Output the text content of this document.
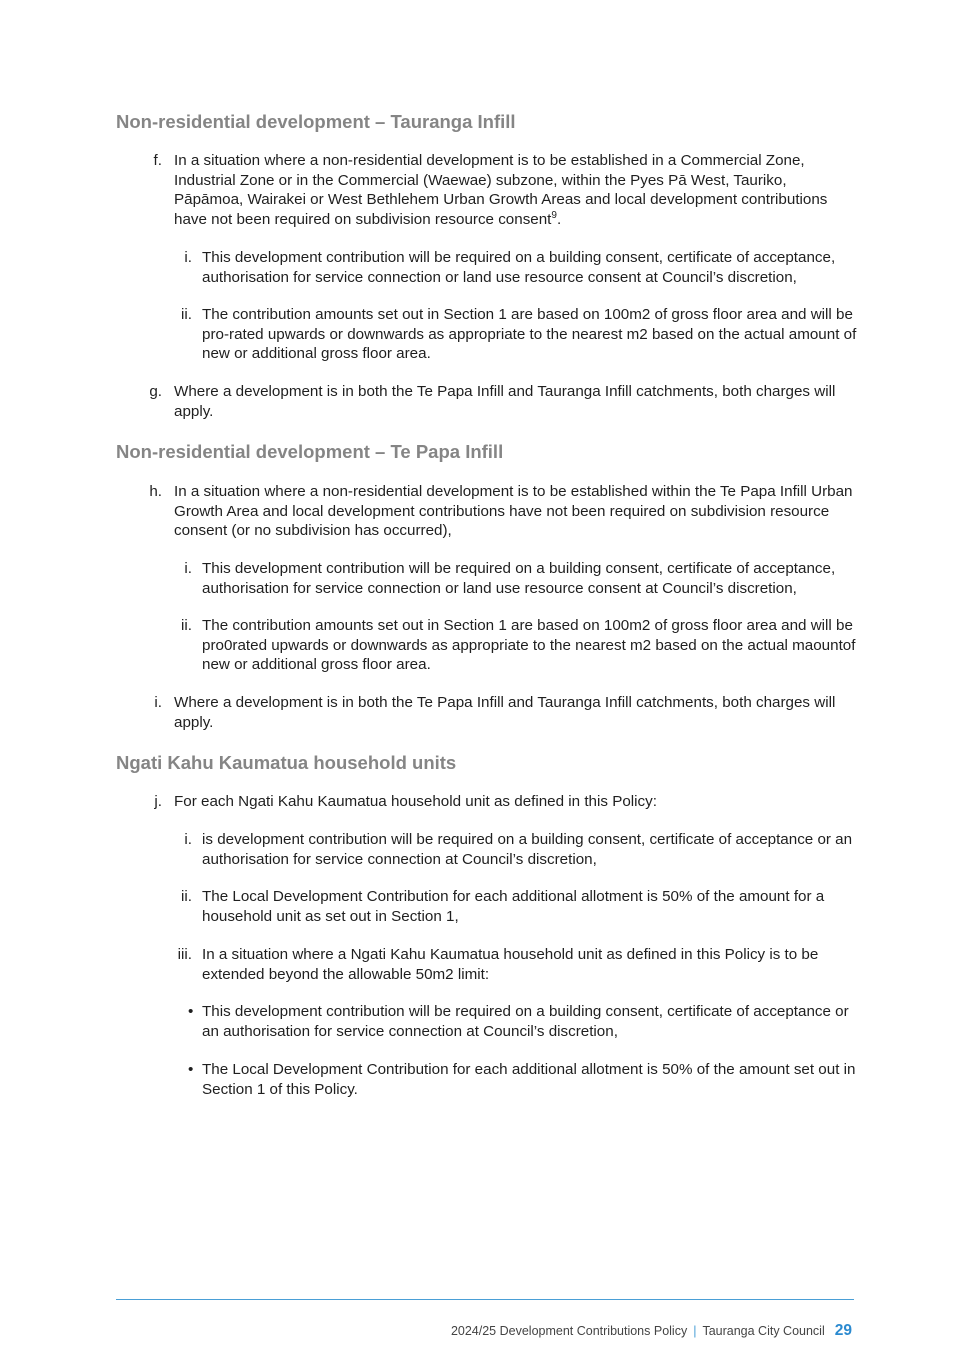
Non-residential development – Tauranga Infill
f. In a situation where a non-residential development is to be established in a Commercial Zone, Industrial Zone or in the Commercial (Waewae) subzone, within the Pyes Pā West, Tauriko, Pāpāmoa, Wairakei or West Bethlehem Urban Growth Areas and local development contributions have not been required on subdivision resource consent$^9$.
i. This development contribution will be required on a building consent, certificate of acceptance, authorisation for service connection or land use resource consent at Council’s discretion,
ii. The contribution amounts set out in Section 1 are based on 100m2 of gross floor area and will be pro-rated upwards or downwards as appropriate to the nearest m2 based on the actual amount of new or additional gross floor area.
g. Where a development is in both the Te Papa Infill and Tauranga Infill catchments, both charges will apply.
Non-residential development – Te Papa Infill
h. In a situation where a non-residential development is to be established within the Te Papa Infill Urban Growth Area and local development contributions have not been required on subdivision resource consent (or no subdivision has occurred),
i. This development contribution will be required on a building consent, certificate of acceptance, authorisation for service connection or land use resource consent at Council’s discretion,
ii. The contribution amounts set out in Section 1 are based on 100m2 of gross floor area and will be pro0rated upwards or downwards as appropriate to the nearest m2 based on the actual maountof new or additional gross floor area.
i. Where a development is in both the Te Papa Infill and Tauranga Infill catchments, both charges will apply.
Ngati Kahu Kaumatua household units
j. For each Ngati Kahu Kaumatua household unit as defined in this Policy:
i. is development contribution will be required on a building consent, certificate of acceptance or an authorisation for service connection at Council’s discretion,
ii. The Local Development Contribution for each additional allotment is 50% of the amount for a household unit as set out in Section 1,
iii. In a situation where a Ngati Kahu Kaumatua household unit as defined in this Policy is to be extended beyond the allowable 50m2 limit:
• This development contribution will be required on a building consent, certificate of acceptance or an authorisation for service connection at Council’s discretion,
• The Local Development Contribution for each additional allotment is 50% of the amount set out in Section 1 of this Policy.
2024/25 Development Contributions Policy | Tauranga City Council 29
